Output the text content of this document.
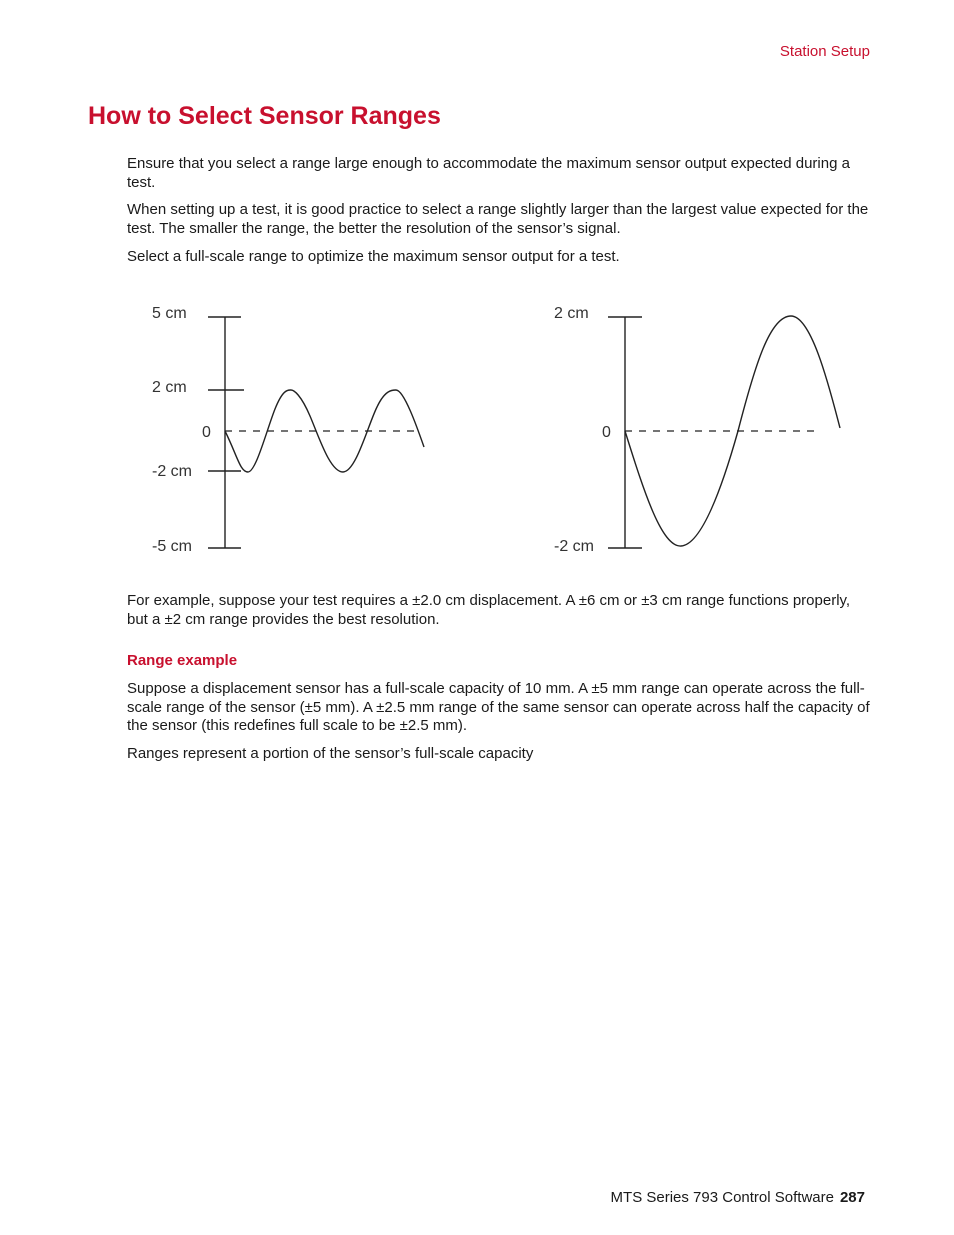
Station Setup
How to Select Sensor Ranges

Ensure that you select a range large enough to accommodate the maximum sensor output expected during a test.

When setting up a test, it is good practice to select a range slightly larger than the largest value expected for the test. The smaller the range, the better the resolution of the sensor’s signal.

Select a full-scale range to optimize the maximum sensor output for a test.

5 cm
2 cm
0
-2 cm
-5 cm
2 cm
0
-2 cm

For example, suppose your test requires a ±2.0 cm displacement. A ±6 cm or ±3 cm range functions properly, but a ±2 cm range provides the best resolution.

Range example

Suppose a displacement sensor has a full-scale capacity of 10 mm. A ±5 mm range can operate across the full-scale range of the sensor (±5 mm). A ±2.5 mm range of the same sensor can operate across half the capacity of the sensor (this redefines full scale to be ±2.5 mm).

Ranges represent a portion of the sensor’s full-scale capacity

MTS Series 793 Control Software 287
